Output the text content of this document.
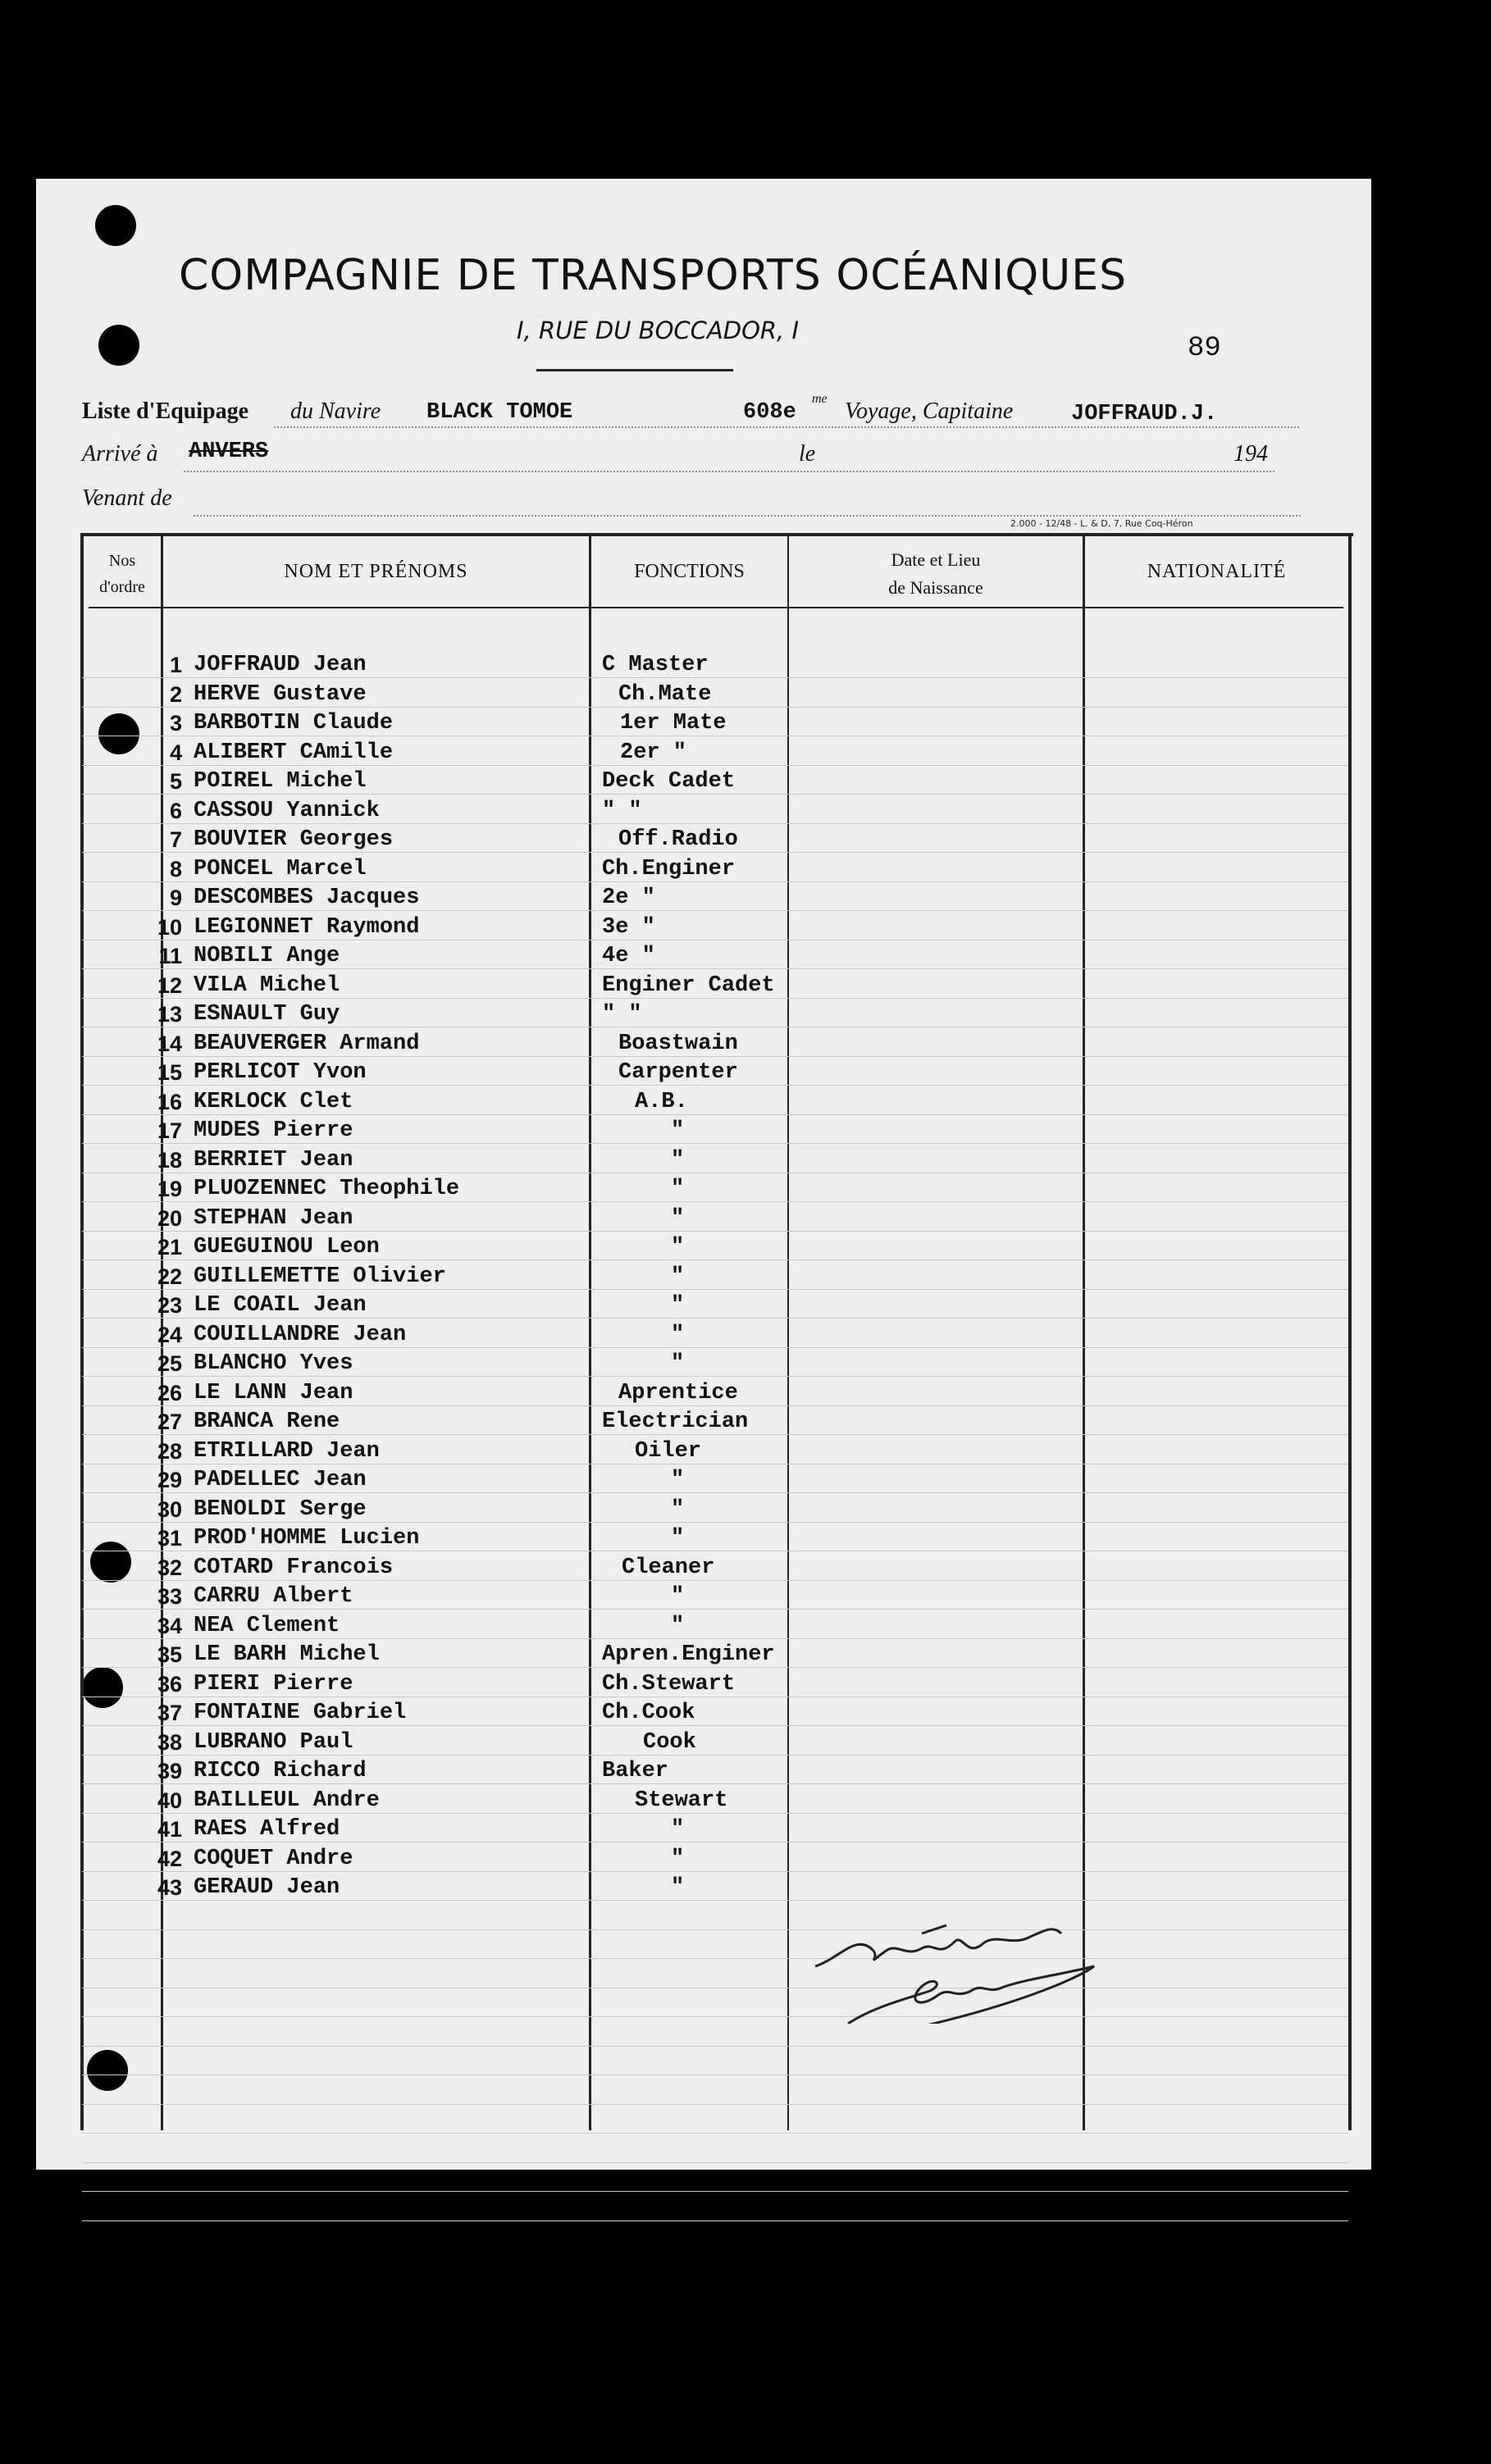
COMPAGNIE DE TRANSPORTS OCÉANIQUES
I, RUE DU BOCCADOR, I
89
Liste d'Equipage du Navire BLACK TOMOE	608e
me Voyage, Capitaine	JOFFRAUD.J.
Arrivé à ANVERS	le	194
Venant de
2.000 - 12/48 - L. & D. 7, Rue Coq-Héron
Nos
d'ordre
NOM ET PRÉNOMS	FONCTIONS
Date et Lieu
de Naissance
NATIONALITÉ
1 JOFFRAUD Jean	C Master
2 HERVE Gustave	Ch.Mate
3 BARBOTIN Claude	1er Mate
4 ALIBERT CAmille	2er "
5 POIREL Michel	Deck Cadet
6 CASSOU Yannick	" "
7 BOUVIER Georges	Off.Radio
8 PONCEL Marcel	Ch.Enginer
9 DESCOMBES Jacques	2e "
10 LEGIONNET Raymond	3e "
11 NOBILI Ange	4e "
12 VILA Michel	Enginer Cadet
13 ESNAULT Guy	" "
14 BEAUVERGER Armand	Boastwain
15 PERLICOT Yvon	Carpenter
16 KERLOCK Clet	A.B.
17 MUDES Pierre	"
18 BERRIET Jean	"
19 PLUOZENNEC Theophile	"
20 STEPHAN Jean	"
21 GUEGUINOU Leon	"
22 GUILLEMETTE Olivier	"
23 LE COAIL Jean	"
24 COUILLANDRE Jean	"
25 BLANCHO Yves	"
26 LE LANN Jean	Aprentice
27 BRANCA Rene	Electrician
28 ETRILLARD Jean	Oiler
29 PADELLEC Jean	"
30 BENOLDI Serge	"
31 PROD'HOMME Lucien	"
32 COTARD Francois	Cleaner
33 CARRU Albert	"
34 NEA Clement	"
35 LE BARH Michel	Apren.Enginer
36 PIERI Pierre	Ch.Stewart
37 FONTAINE Gabriel	Ch.Cook
38 LUBRANO Paul	Cook
39 RICCO Richard	Baker
40 BAILLEUL Andre	Stewart
41 RAES Alfred	"
42 COQUET Andre	"
43 GERAUD Jean	"
